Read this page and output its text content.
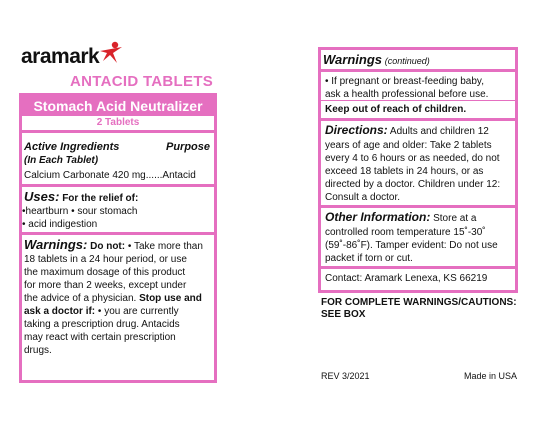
aramark
ANTACID TABLETS
Stomach Acid Neutralizer
2 Tablets
Active Ingredients	Purpose
(In Each Tablet)
Calcium Carbonate 420 mg......Antacid
Uses: For the relief of:
•heartburn • sour stomach
• acid indigestion
Warnings: Do not: • Take more than
18 tablets in a 24 hour period, or use
the maximum dosage of this product
for more than 2 weeks, except under
the advice of a physician. Stop use and
ask a doctor if: • you are currently
taking a prescription drug. Antacids
may react with certain prescription
drugs.
Warnings (continued)
• If pregnant or breast-feeding baby,
ask a health professional before use.
Keep out of reach of children.
Directions: Adults and children 12
years of age and older: Take 2 tablets
every 4 to 6 hours or as needed, do not
exceed 18 tablets in 24 hours, or as
directed by a doctor. Children under 12:
Consult a doctor.
Other Information: Store at a
controlled room temperature 15˚-30˚
(59˚-86˚F). Tamper evident: Do not use
packet if torn or cut.
Contact: Aramark Lenexa, KS 66219
FOR COMPLETE WARNINGS/CAUTIONS:
SEE BOX
REV 3/2021	Made in USA
